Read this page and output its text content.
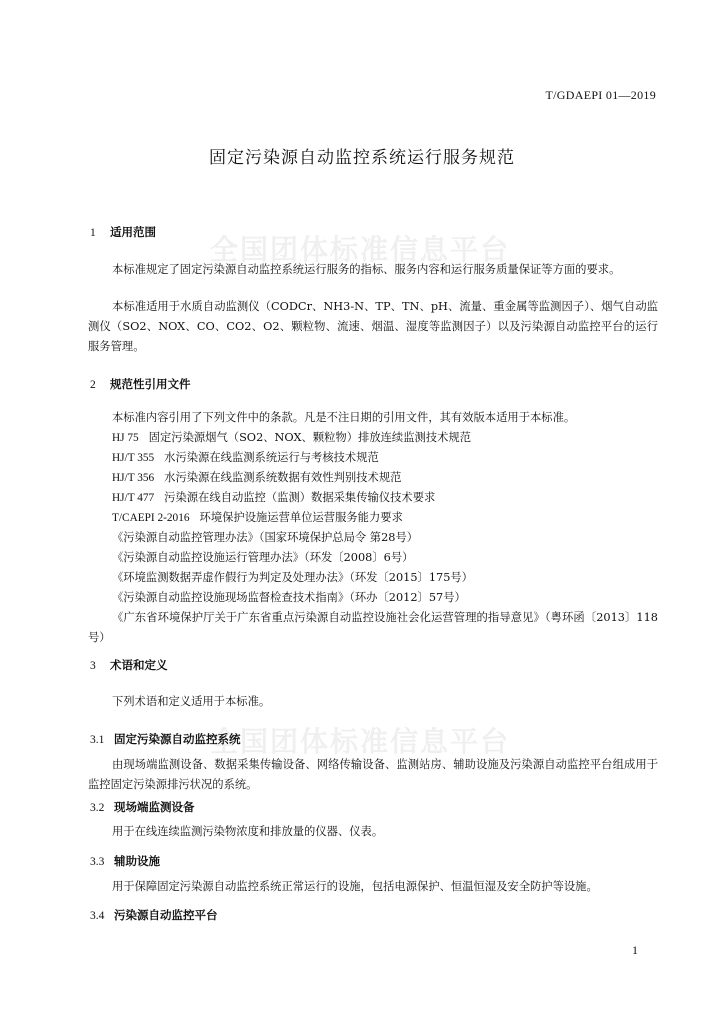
全国团体标准信息平台
全国团体标准信息平台
T/GDAEPI 01—2019
固定污染源自动监控系统运行服务规范
1 适用范围
本标准规定了固定污染源自动监控系统运行服务的指标、服务内容和运行服务质量保证等方面的要求。
本标准适用于水质自动监测仪（CODCr、NH3-N、TP、TN、pH、流量、重金属等监测因子）、烟气自动监测仪（SO2、NOX、CO、CO2、O2、颗粒物、流速、烟温、湿度等监测因子）以及污染源自动监控平台的运行服务管理。
2 规范性引用文件
本标准内容引用了下列文件中的条款。凡是不注日期的引用文件，其有效版本适用于本标准。
HJ 75 固定污染源烟气（SO2、NOX、颗粒物）排放连续监测技术规范
HJ/T 355 水污染源在线监测系统运行与考核技术规范
HJ/T 356 水污染源在线监测系统数据有效性判别技术规范
HJ/T 477 污染源在线自动监控（监测）数据采集传输仪技术要求
T/CAEPI 2-2016 环境保护设施运营单位运营服务能力要求
《污染源自动监控管理办法》（国家环境保护总局令 第28号）
《污染源自动监控设施运行管理办法》（环发〔2008〕6号）
《环境监测数据弄虚作假行为判定及处理办法》（环发〔2015〕175号）
《污染源自动监控设施现场监督检查技术指南》（环办〔2012〕57号）
《广东省环境保护厅关于广东省重点污染源自动监控设施社会化运营管理的指导意见》（粤环函〔2013〕118号）
3 术语和定义
下列术语和定义适用于本标准。
3.1 固定污染源自动监控系统
由现场端监测设备、数据采集传输设备、网络传输设备、监测站房、辅助设施及污染源自动监控平台组成用于监控固定污染源排污状况的系统。
3.2 现场端监测设备
用于在线连续监测污染物浓度和排放量的仪器、仪表。
3.3 辅助设施
用于保障固定污染源自动监控系统正常运行的设施，包括电源保护、恒温恒湿及安全防护等设施。
3.4 污染源自动监控平台
1
